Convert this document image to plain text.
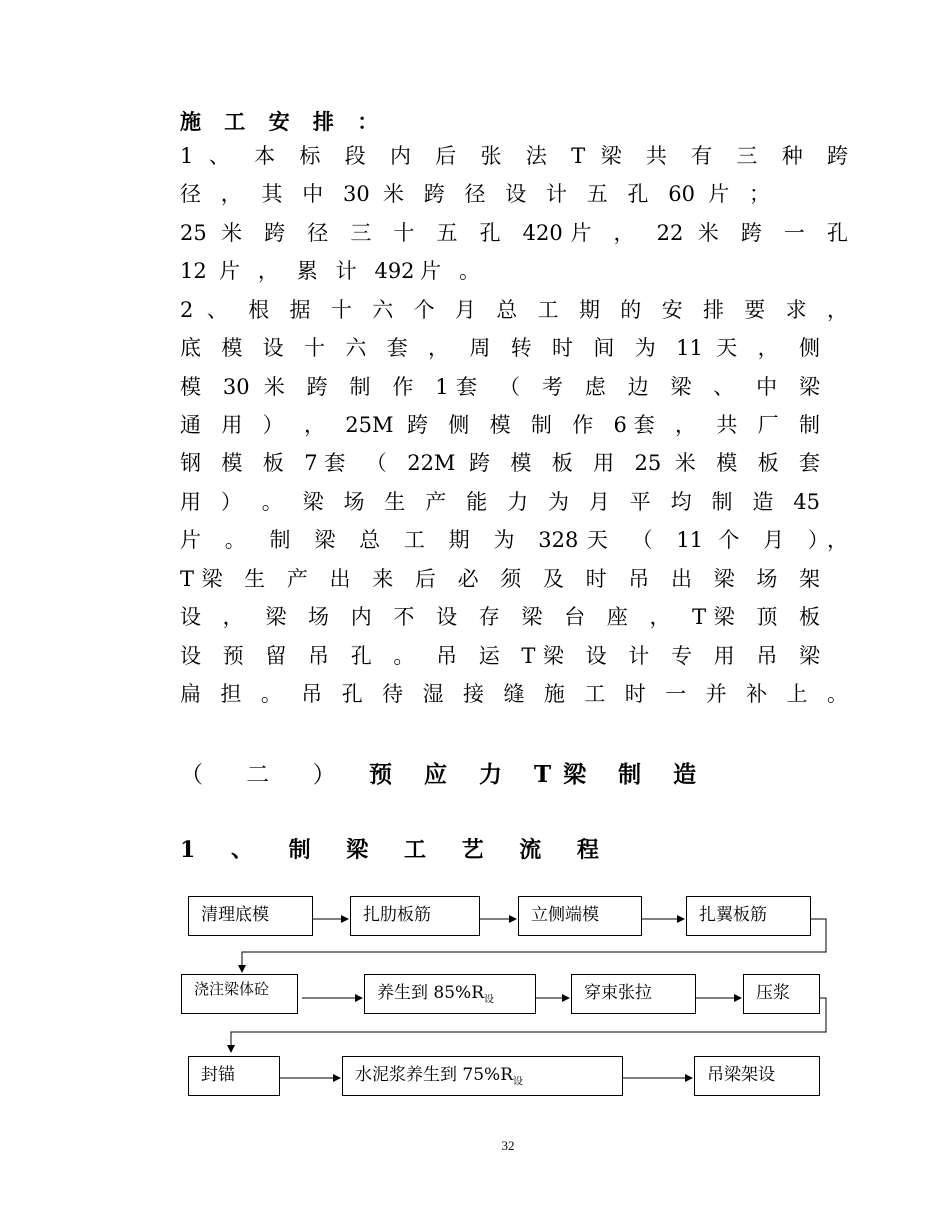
施 工 安 排 ：
1 、 本 标 段 内 后 张 法 T 梁 共 有 三 种 跨
径 ， 其 中 30 米 跨 径 设 计 五 孔 60 片 ；
25 米 跨 径 三 十 五 孔 420片 ， 22 米 跨 一 孔
12 片 ， 累 计 492片 。
2 、 根 据 十 六 个 月 总 工 期 的 安 排 要 求 ，
底 模 设 十 六 套 ， 周 转 时 间 为 11 天 ， 侧
模 30 米 跨 制 作 1套 （ 考 虑 边 梁 、 中 梁
通 用 ） ， 25M 跨 侧 模 制 作 6套 ， 共 厂 制
钢 模 板 7套 （ 22M 跨 模 板 用 25 米 模 板 套
用 ） 。 梁 场 生 产 能 力 为 月 平 均 制 造 45
片 。 制 梁 总 工 期 为 328天 （ 11 个 月 ），
T梁 生 产 出 来 后 必 须 及 时 吊 出 梁 场 架
设 ， 梁 场 内 不 设 存 梁 台 座 ， T梁 顶 板
设 预 留 吊 孔 。 吊 运 T梁 设 计 专 用 吊 梁
扁 担 。 吊 孔 待 湿 接 缝 施 工 时 一 并 补 上 。
（ 二 ） 预 应 力 T梁 制 造
1 、 制 梁 工 艺 流 程
清理底模	扎肋板筋	立侧端模	扎翼板筋
浇注梁体砼	养生到 $85\%R_设$	穿束张拉	压浆
封锚	水泥浆养生到 $75\%R_设$	吊梁架设
32
